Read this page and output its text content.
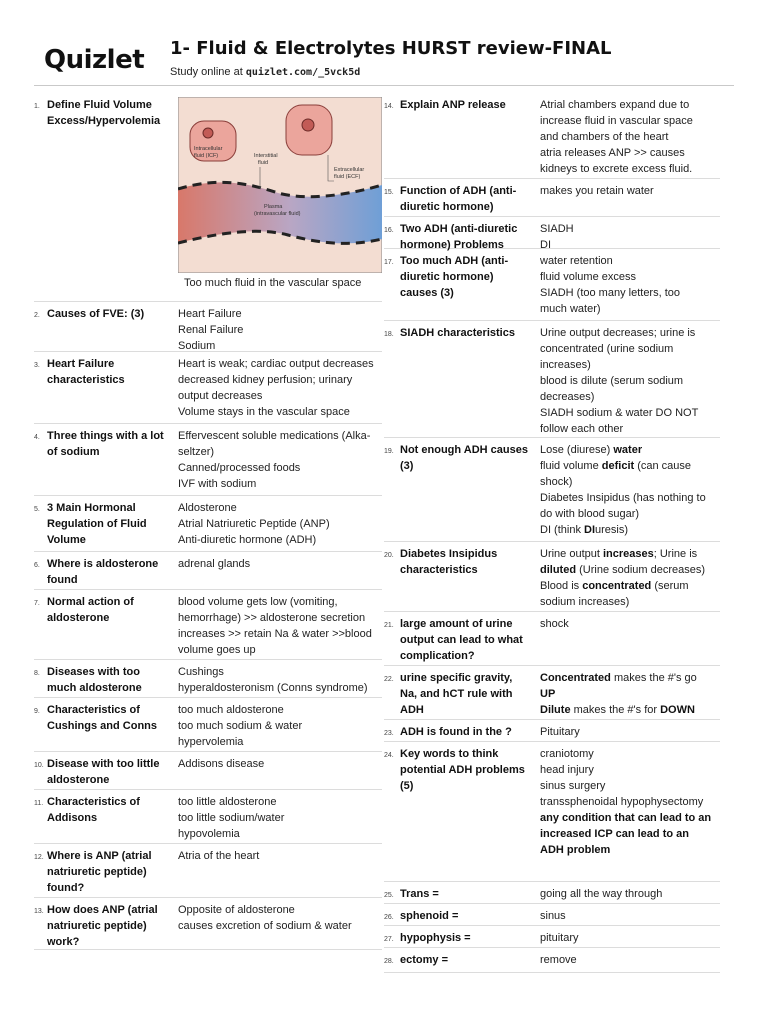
Quizlet 1- Fluid & Electrolytes HURST review-FINAL
Study online at quizlet.com/_5vck5d
1. Define Fluid Volume Excess/Hypervolemia
Intracellular
fluid (ICF)	Interstitial
fluid
Extracellular
fluid (ECF)
Plasma
(intravascular fluid)
Too much fluid in the vascular space
2. Causes of FVE: (3)	Heart Failure
Renal Failure
Sodium
3. Heart Failure characteristics
Heart is weak; cardiac output decreases
decreased kidney perfusion; urinary
output decreases
Volume stays in the vascular space
4. Three things with a lot of sodium
Effervescent soluble medications (Alka-
seltzer)
Canned/processed foods
IVF with sodium
5. 3 Main Hormonal Regulation of Fluid Volume
Aldosterone
Atrial Natriuretic Peptide (ANP)
Anti-diuretic hormone (ADH)
6. Where is aldosterone found
adrenal glands
7. Normal action of aldosterone
blood volume gets low (vomiting,
hemorrhage) >> aldosterone secretion
increases >> retain Na & water >>blood
volume goes up
8. Diseases with too much aldosterone
Cushings
hyperaldosteronism (Conns syndrome)
9. Characteristics of Cushings and Conns
too much aldosterone
too much sodium & water
hypervolemia
10. Disease with too little aldosterone
Addisons disease
11. Characteristics of Addisons
too little aldosterone
too little sodium/water
hypovolemia
12. Where is ANP (atrial natriuretic peptide) found?
Atria of the heart
13. How does ANP (atrial natriuretic peptide) work?
Opposite of aldosterone
causes excretion of sodium & water
14. Explain ANP release	Atrial chambers expand due to
increase fluid in vascular space
and chambers of the heart
atria releases ANP >> causes
kidneys to excrete excess fluid.
15. Function of ADH (anti-diuretic hormone)
makes you retain water
16. Two ADH (anti-diuretic hormone) Problems
SIADH
DI
17. Too much ADH (anti-diuretic hormone) causes (3)
water retention
fluid volume excess
SIADH (too many letters, too
much water)
18. SIADH characteristics	Urine output decreases; urine is
concentrated (urine sodium
increases)
blood is dilute (serum sodium
decreases)
SIADH sodium & water DO NOT
follow each other
19. Not enough ADH causes (3)
Lose (diurese) water
fluid volume deficit (can cause
shock)
Diabetes Insipidus (has nothing to
do with blood sugar)
DI (think DIuresis)
20. Diabetes Insipidus characteristics
Urine output increases; Urine is
diluted (Urine sodium decreases)
Blood is concentrated (serum
sodium increases)
21. large amount of urine output can lead to what complication?
shock
22. urine specific gravity, Na, and hCT rule with ADH
Concentrated makes the #'s go
UP
Dilute makes the #'s for DOWN
23. ADH is found in the ?	Pituitary
24. Key words to think potential ADH problems (5)
craniotomy
head injury
sinus surgery
transsphenoidal hypophysectomy
any condition that can lead to an
increased ICP can lead to an
ADH problem
25. Trans =	going all the way through
26. sphenoid =	sinus
27. hypophysis =	pituitary
28. ectomy =	remove
